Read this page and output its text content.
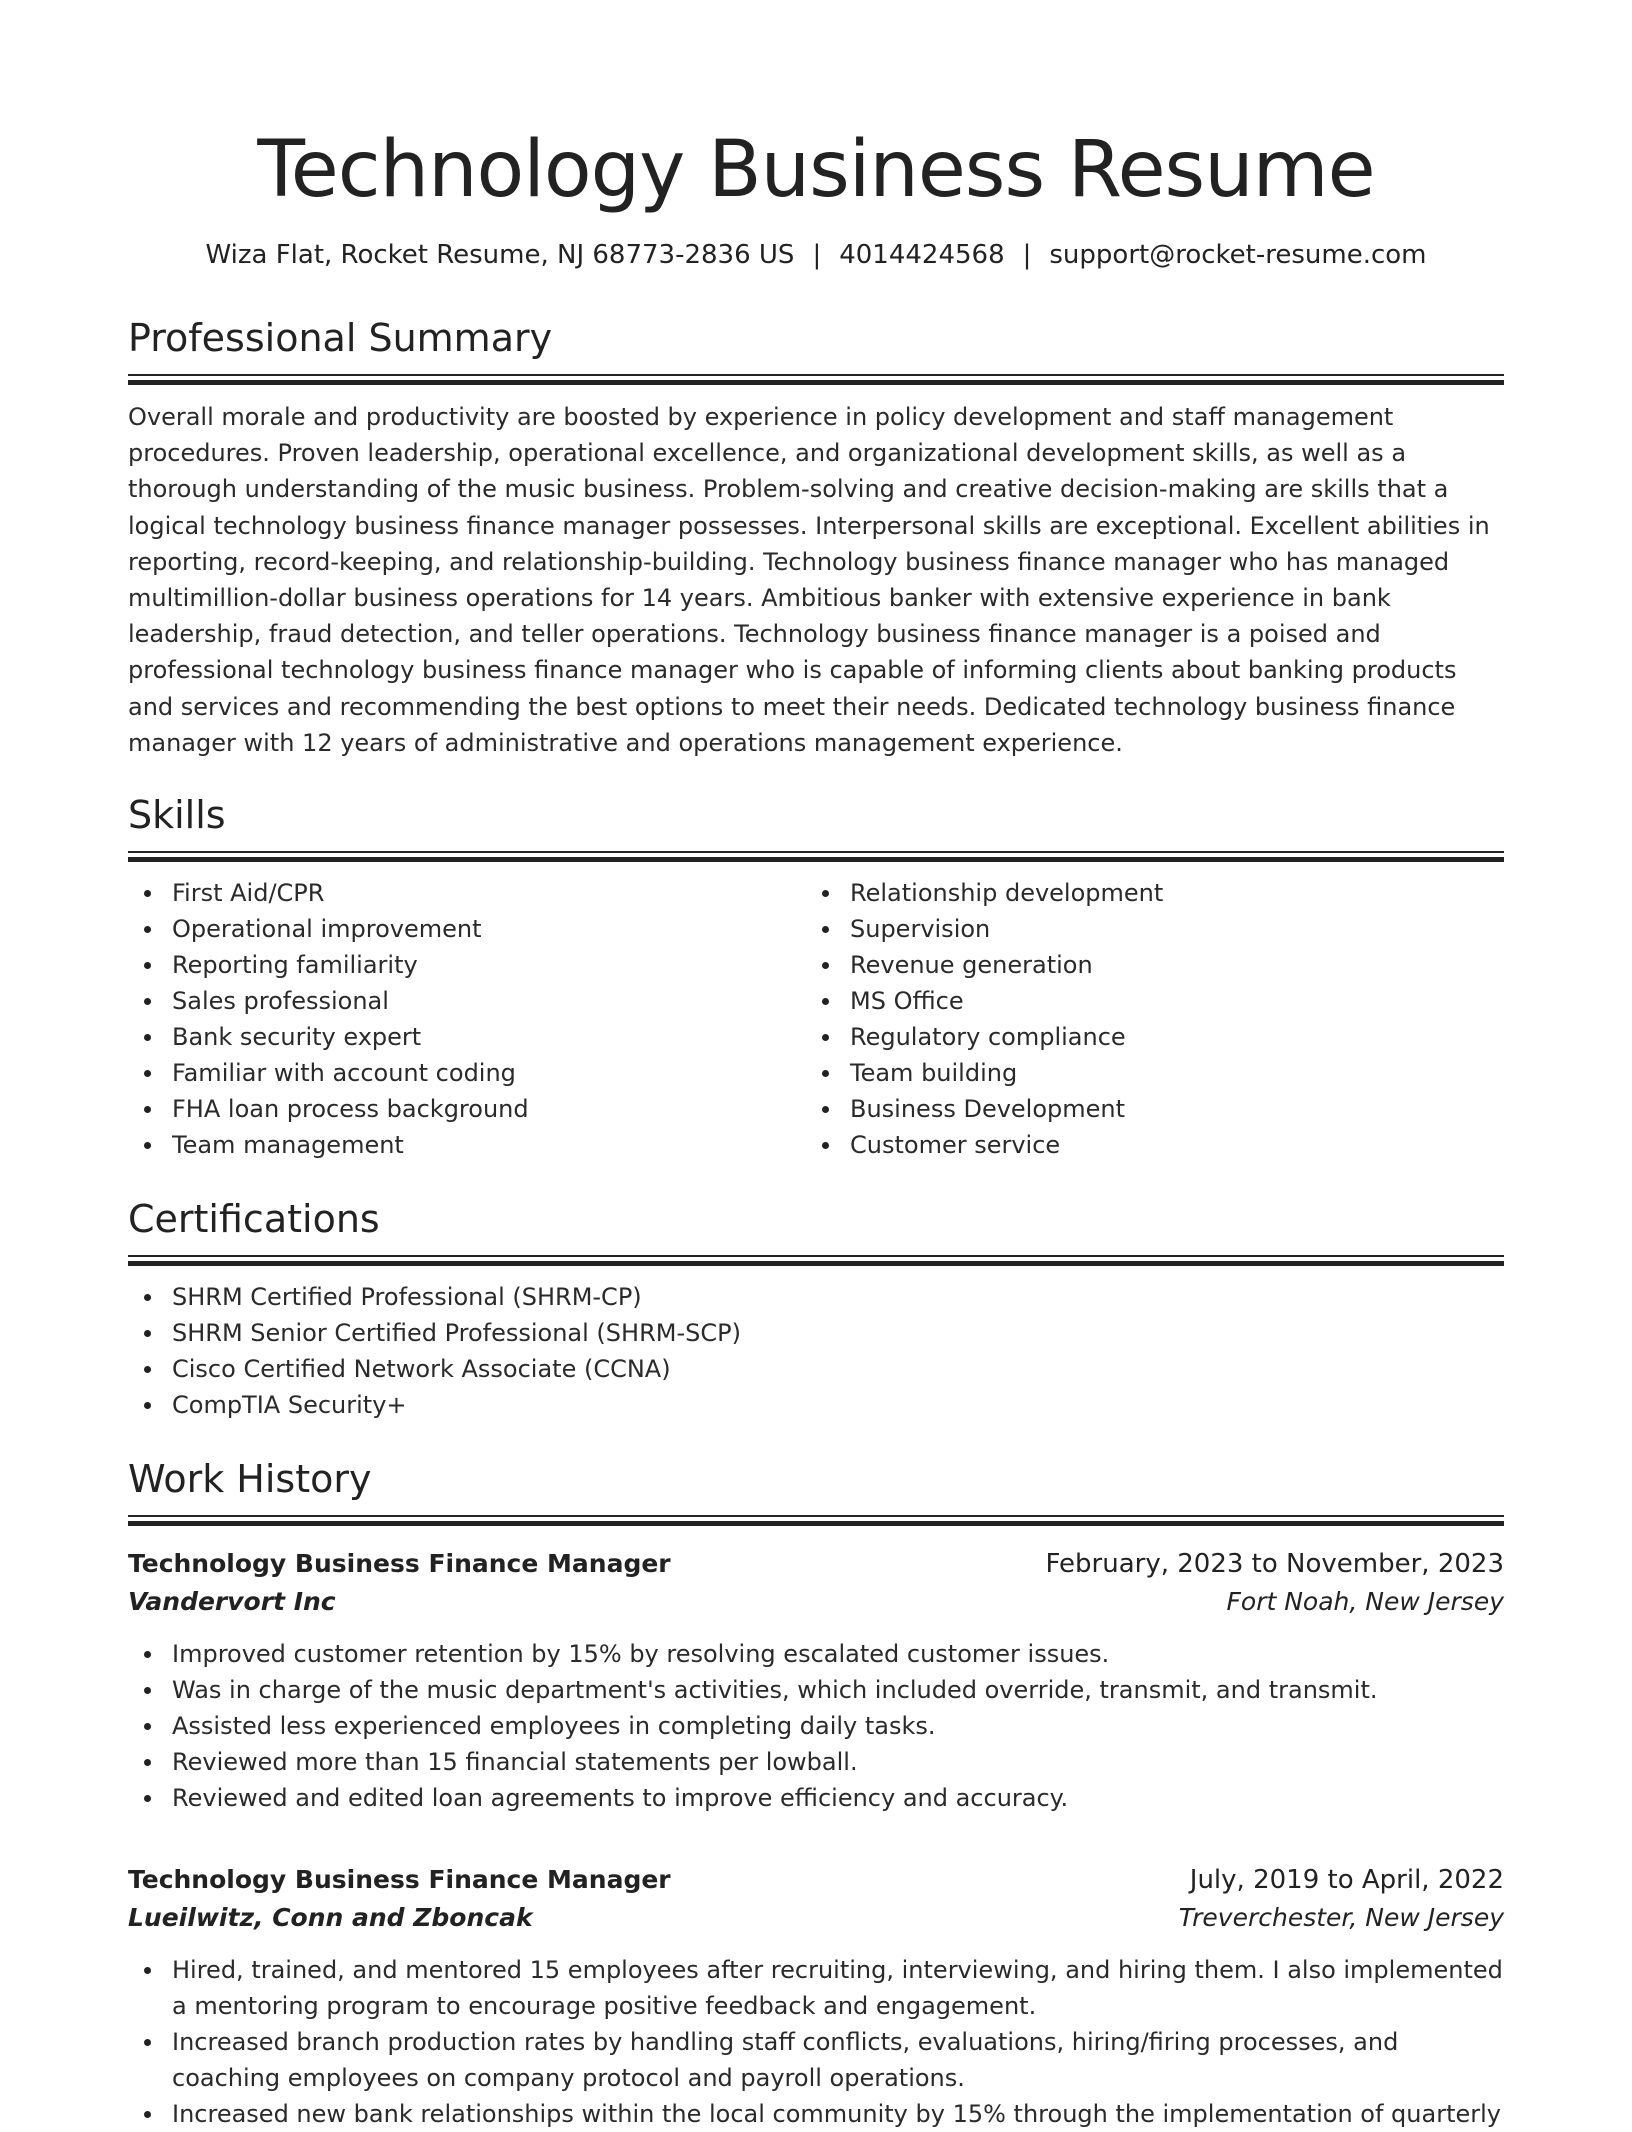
Technology Business Resume
Wiza Flat, Rocket Resume, NJ 68773-2836 US | 4014424568 | support@rocket-resume.com
Professional Summary
Overall morale and productivity are boosted by experience in policy development and staff management procedures. Proven leadership, operational excellence, and organizational development skills, as well as a thorough understanding of the music business. Problem-solving and creative decision-making are skills that a logical technology business finance manager possesses. Interpersonal skills are exceptional. Excellent abilities in reporting, record-keeping, and relationship-building. Technology business finance manager who has managed multimillion-dollar business operations for 14 years. Ambitious banker with extensive experience in bank leadership, fraud detection, and teller operations. Technology business finance manager is a poised and professional technology business finance manager who is capable of informing clients about banking products and services and recommending the best options to meet their needs. Dedicated technology business finance manager with 12 years of administrative and operations management experience.
Skills
First Aid/CPR
Operational improvement
Reporting familiarity
Sales professional
Bank security expert
Familiar with account coding
FHA loan process background
Team management
Relationship development
Supervision
Revenue generation
MS Office
Regulatory compliance
Team building
Business Development
Customer service
Certifications
SHRM Certified Professional (SHRM-CP)
SHRM Senior Certified Professional (SHRM-SCP)
Cisco Certified Network Associate (CCNA)
CompTIA Security+
Work History
Technology Business Finance Manager	February, 2023 to November, 2023
Vandervort Inc	Fort Noah, New Jersey
Improved customer retention by 15% by resolving escalated customer issues.
Was in charge of the music department's activities, which included override, transmit, and transmit.
Assisted less experienced employees in completing daily tasks.
Reviewed more than 15 financial statements per lowball.
Reviewed and edited loan agreements to improve efficiency and accuracy.
Technology Business Finance Manager	July, 2019 to April, 2022
Lueilwitz, Conn and Zboncak	Treverchester, New Jersey
Hired, trained, and mentored 15 employees after recruiting, interviewing, and hiring them. I also implemented a mentoring program to encourage positive feedback and engagement.
Increased branch production rates by handling staff conflicts, evaluations, hiring/firing processes, and coaching employees on company protocol and payroll operations.
Increased new bank relationships within the local community by 15% through the implementation of quarterly
